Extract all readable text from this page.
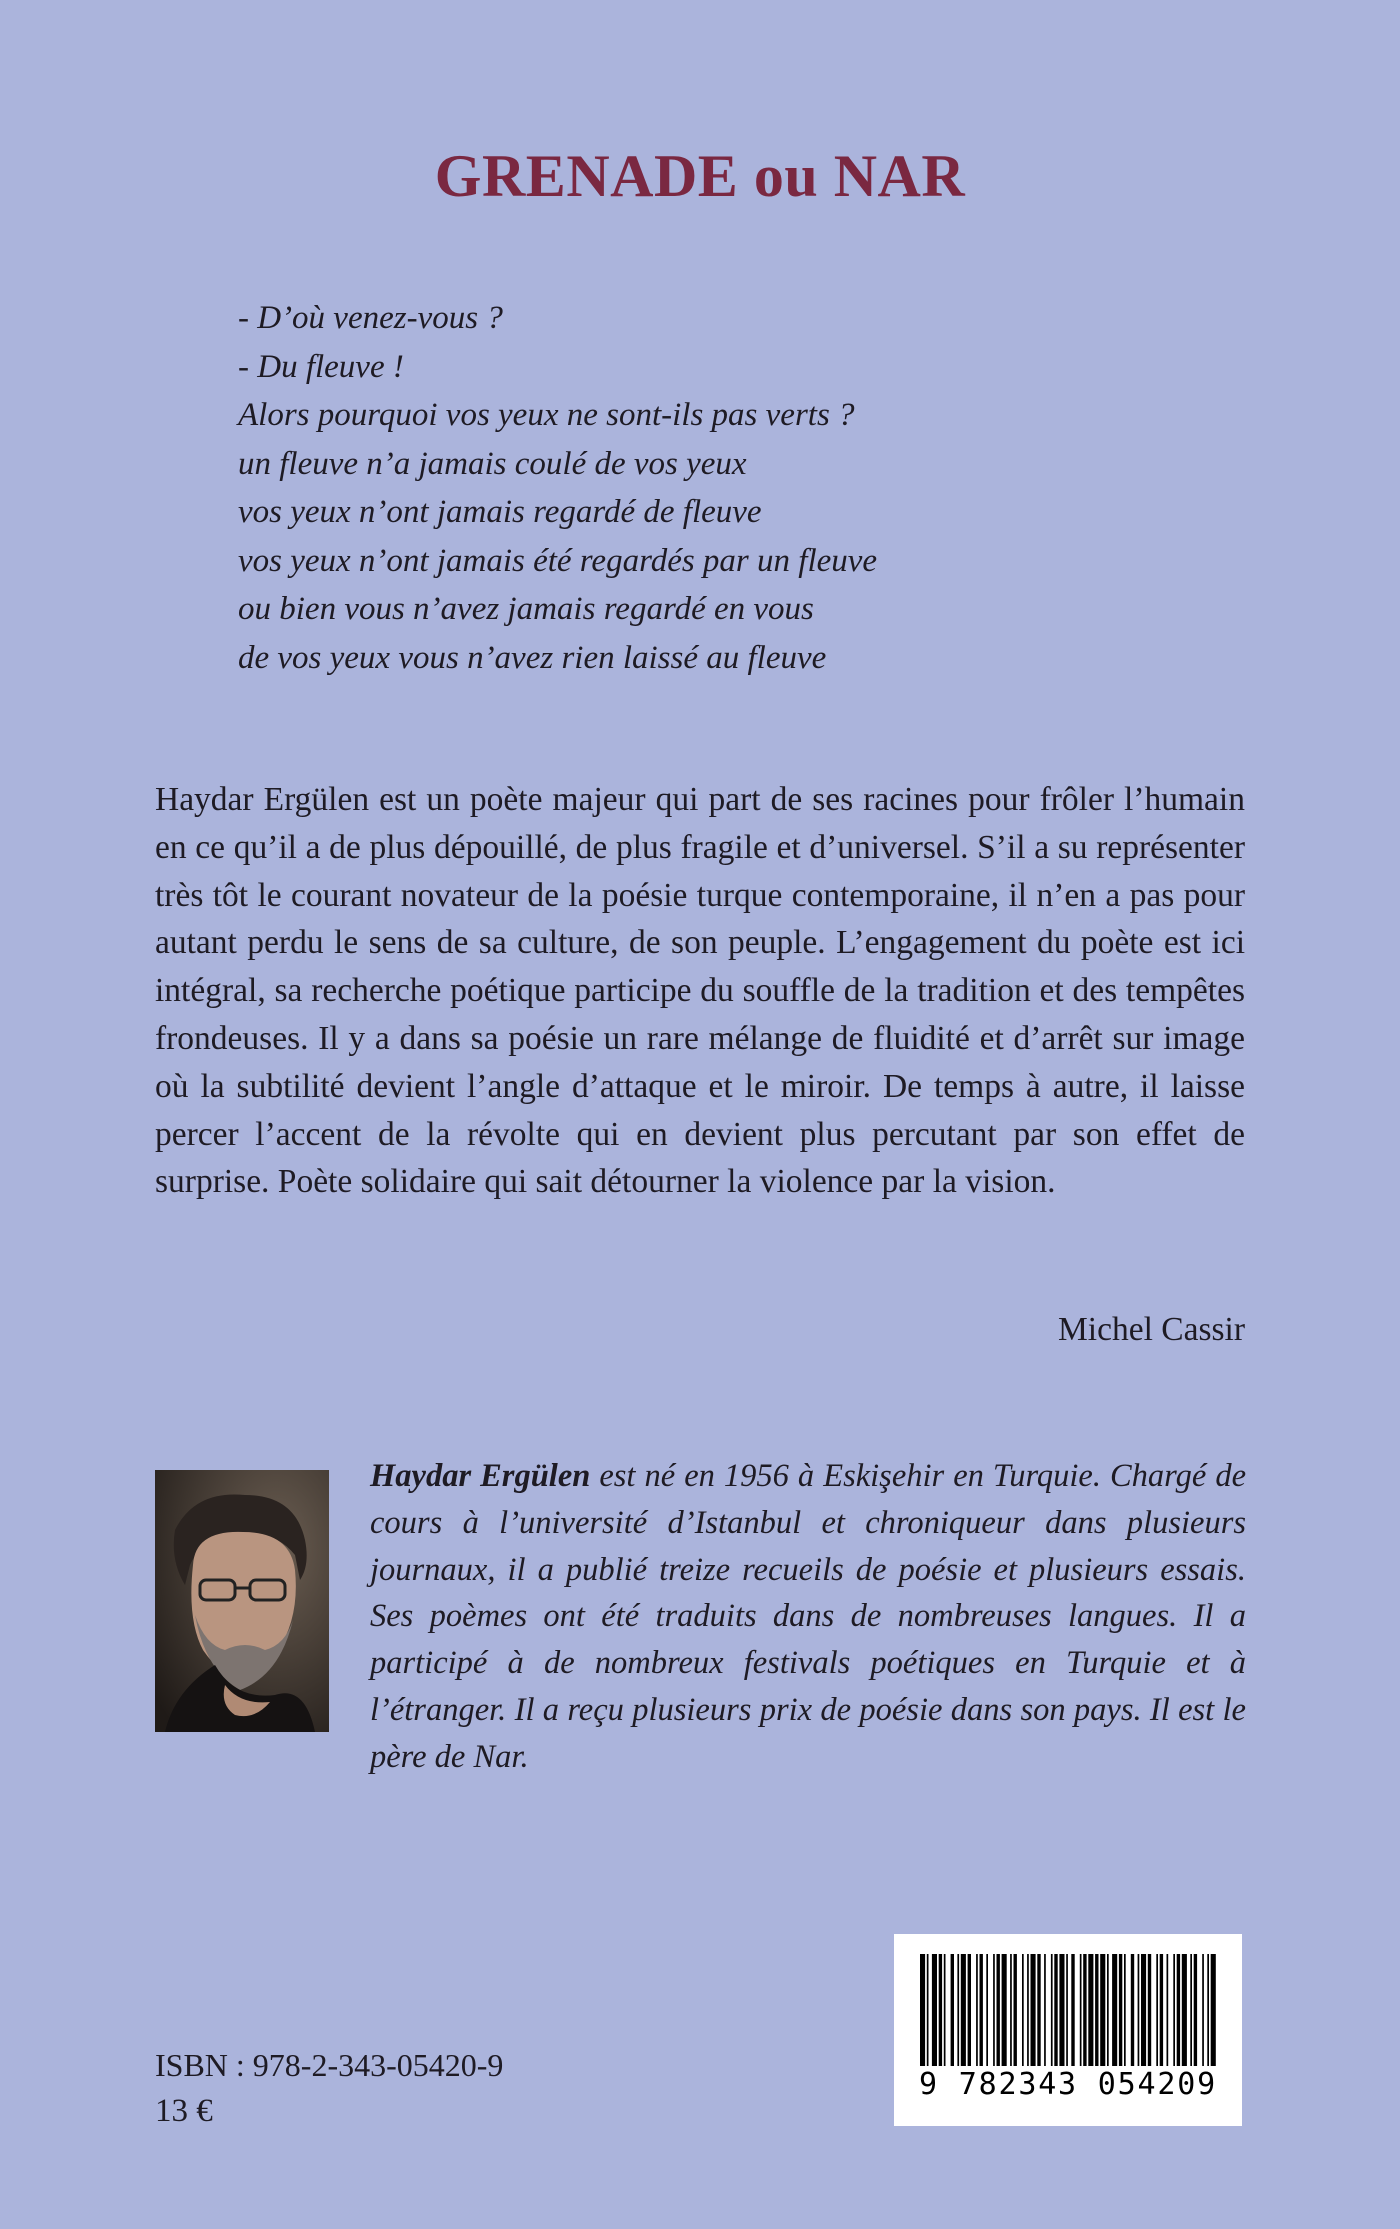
GRENADE ou NAR
- D’où venez-vous ?
- Du fleuve !
Alors pourquoi vos yeux ne sont-ils pas verts ?
un fleuve n’a jamais coulé de vos yeux
vos yeux n’ont jamais regardé de fleuve
vos yeux n’ont jamais été regardés par un fleuve
ou bien vous n’avez jamais regardé en vous
de vos yeux vous n’avez rien laissé au fleuve
Haydar Ergülen est un poète majeur qui part de ses racines pour frôler l’humain en ce qu’il a de plus dépouillé, de plus fragile et d’universel. S’il a su représenter très tôt le courant novateur de la poésie turque contemporaine, il n’en a pas pour autant perdu le sens de sa culture, de son peuple. L’engagement du poète est ici intégral, sa recherche poétique participe du souffle de la tradition et des tempêtes frondeuses. Il y a dans sa poésie un rare mélange de fluidité et d’arrêt sur image où la subtilité devient l’angle d’attaque et le miroir. De temps à autre, il laisse percer l’accent de la révolte qui en devient plus percutant par son effet de surprise. Poète solidaire qui sait détourner la violence par la vision.
Michel Cassir
Haydar Ergülen est né en 1956 à Eskişehir en Turquie. Chargé de cours à l’université d’Istanbul et chroniqueur dans plusieurs journaux, il a publié treize recueils de poésie et plusieurs essais. Ses poèmes ont été traduits dans de nombreuses langues. Il a participé à de nombreux festivals poétiques en Turquie et à l’étranger. Il a reçu plusieurs prix de poésie dans son pays. Il est le père de Nar.
ISBN : 978-2-343-05420-9
13 €
9 782343 054209
